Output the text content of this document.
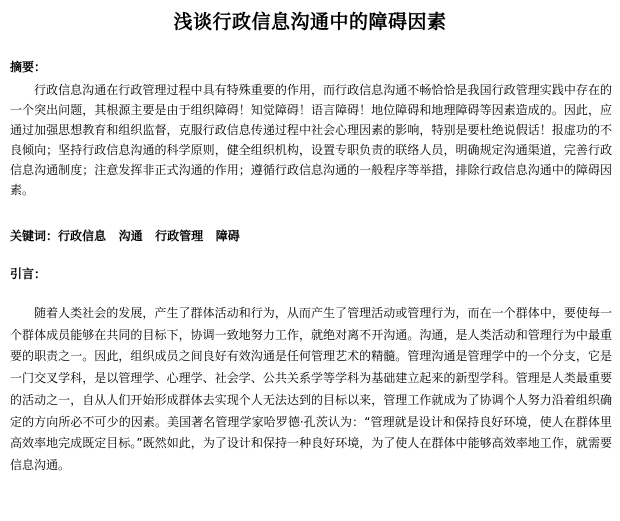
浅谈行政信息沟通中的障碍因素
摘要：
行政信息沟通在行政管理过程中具有特殊重要的作用，而行政信息沟通不畅恰恰是我国行政管理实践中存在的一个突出问题，其根源主要是由于组织障碍！知觉障碍！语言障碍！地位障碍和地理障碍等因素造成的。因此，应通过加强思想教育和组织监督，克服行政信息传递过程中社会心理因素的影响，特别是要杜绝说假话！报虚功的不良倾向；坚持行政信息沟通的科学原则，健全组织机构，设置专职负责的联络人员，明确规定沟通渠道，完善行政信息沟通制度；注意发挥非正式沟通的作用；遵循行政信息沟通的一般程序等举措，排除行政信息沟通中的障碍因素。
关键词：行政信息 沟通 行政管理 障碍
引言：
随着人类社会的发展，产生了群体活动和行为，从而产生了管理活动或管理行为，而在一个群体中，要使每一个群体成员能够在共同的目标下，协调一致地努力工作，就绝对离不开沟通。沟通，是人类活动和管理行为中最重要的职责之一。因此，组织成员之间良好有效沟通是任何管理艺术的精髓。管理沟通是管理学中的一个分支，它是一门交叉学科，是以管理学、心理学、社会学、公共关系学等学科为基础建立起来的新型学科。管理是人类最重要的活动之一，自从人们开始形成群体去实现个人无法达到的目标以来，管理工作就成为了协调个人努力沿着组织确定的方向所必不可少的因素。美国著名管理学家哈罗德·孔茨认为：“管理就是设计和保持良好环境，使人在群体里高效率地完成既定目标。”既然如此，为了设计和保持一种良好环境，为了使人在群体中能够高效率地工作，就需要信息沟通。
